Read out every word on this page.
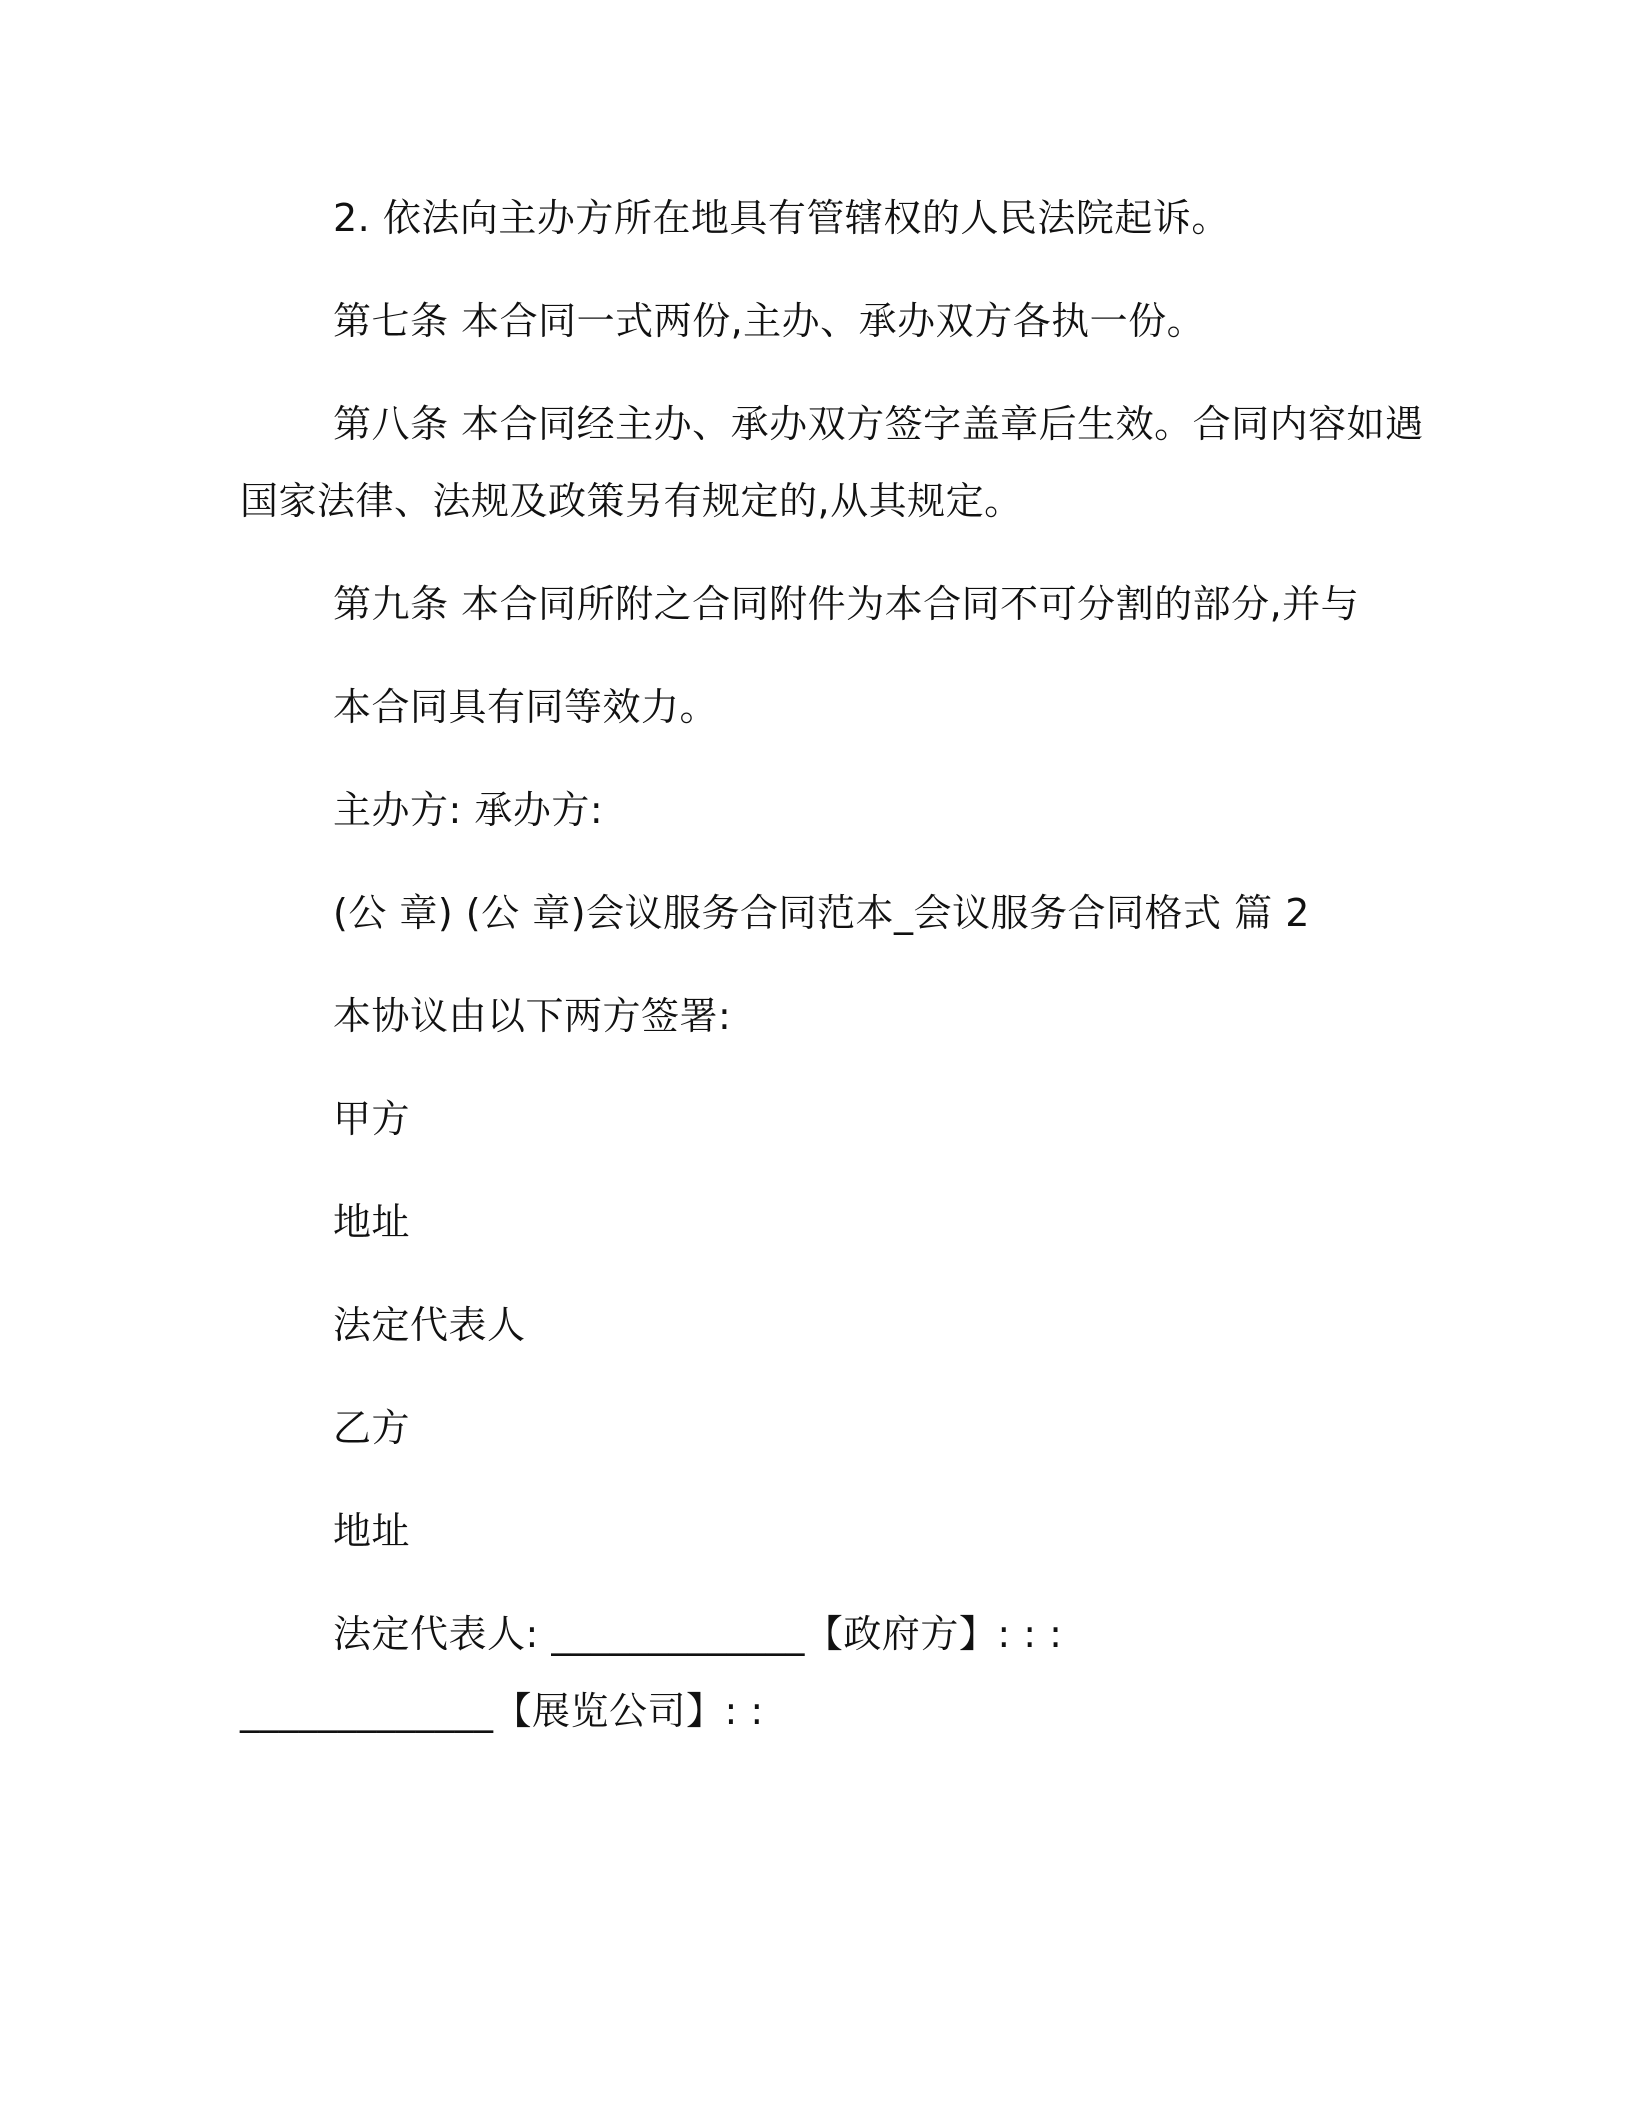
2. 依法向主办方所在地具有管辖权的人民法院起诉。
第七条 本合同一式两份,主办、承办双方各执一份。
第八条 本合同经主办、承办双方签字盖章后生效。合同内容如遇
国家法律、法规及政策另有规定的,从其规定。
第九条 本合同所附之合同附件为本合同不可分割的部分,并与
本合同具有同等效力。
主办方: 承办方:
(公 章) (公 章)会议服务合同范本_会议服务合同格式 篇 2
本协议由以下两方签署:
甲方
地址
法定代表人
乙方
地址
法定代表人: _____________【政府方】: : :
_____________【展览公司】: :
